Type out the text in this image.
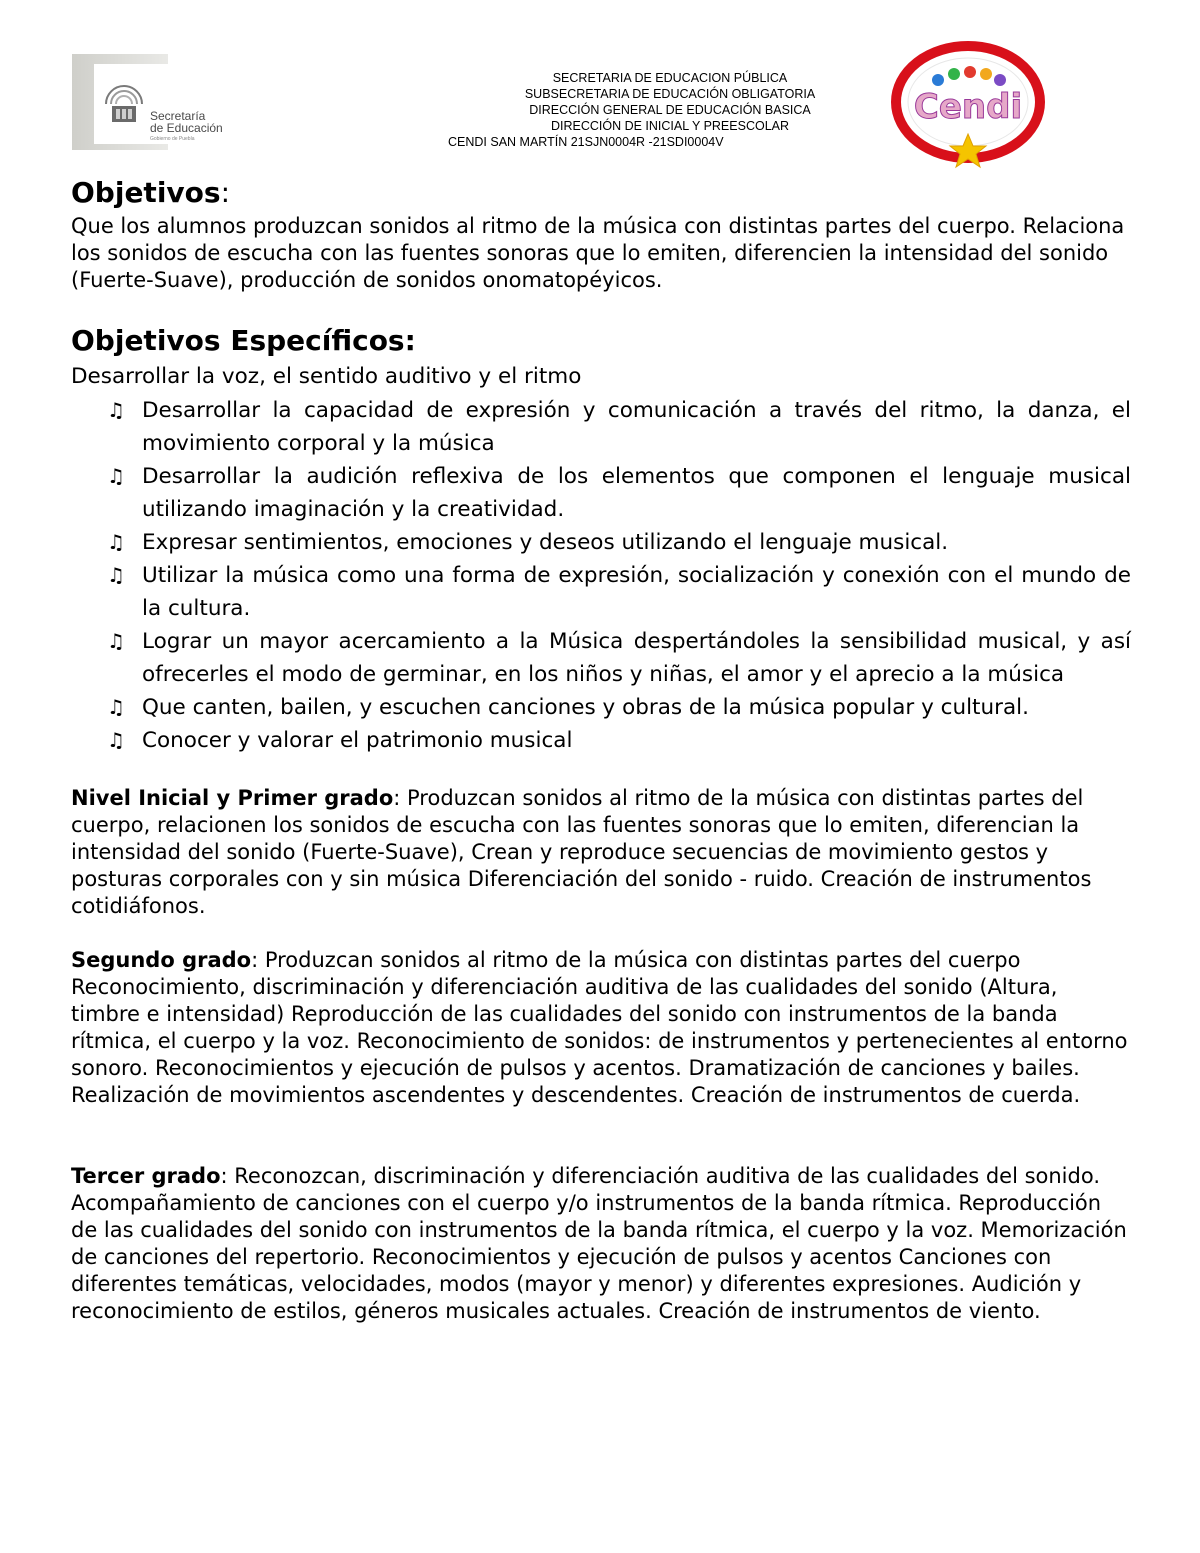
Secretaría
de Educación
Gobierno de Puebla
SECRETARIA DE EDUCACION PÚBLICA
SUBSECRETARIA DE EDUCACIÓN OBLIGATORIA
DIRECCIÓN GENERAL DE EDUCACIÓN BASICA
DIRECCIÓN DE INICIAL Y PREESCOLAR
CENDI SAN MARTÍN 21SJN0004R -21SDI0004V
Cendi
Objetivos:

Que los alumnos produzcan sonidos al ritmo de la música con distintas partes del cuerpo. Relaciona los sonidos de escucha con las fuentes sonoras que lo emiten, diferencien la intensidad del sonido (Fuerte-Suave), producción de sonidos onomatopéyicos.

Objetivos Específicos:

Desarrollar la voz, el sentido auditivo y el ritmo

♫ Desarrollar la capacidad de expresión y comunicación a través del ritmo, la danza, el movimiento corporal y la música
♫ Desarrollar la audición reflexiva de los elementos que componen el lenguaje musical utilizando imaginación y la creatividad.
♫ Expresar sentimientos, emociones y deseos utilizando el lenguaje musical.
♫ Utilizar la música como una forma de expresión, socialización y conexión con el mundo de la cultura.
♫ Lograr un mayor acercamiento a la Música despertándoles la sensibilidad musical, y así ofrecerles el modo de germinar, en los niños y niñas, el amor y el aprecio a la música
♫ Que canten, bailen, y escuchen canciones y obras de la música popular y cultural.
♫ Conocer y valorar el patrimonio musical

Nivel Inicial y Primer grado: Produzcan sonidos al ritmo de la música con distintas partes del cuerpo, relacionen los sonidos de escucha con las fuentes sonoras que lo emiten, diferencian la intensidad del sonido (Fuerte-Suave), Crean y reproduce secuencias de movimiento gestos y posturas corporales con y sin música Diferenciación del sonido - ruido. Creación de instrumentos cotidiáfonos.

Segundo grado: Produzcan sonidos al ritmo de la música con distintas partes del cuerpo Reconocimiento, discriminación y diferenciación auditiva de las cualidades del sonido (Altura, timbre e intensidad) Reproducción de las cualidades del sonido con instrumentos de la banda rítmica, el cuerpo y la voz. Reconocimiento de sonidos: de instrumentos y pertenecientes al entorno sonoro. Reconocimientos y ejecución de pulsos y acentos. Dramatización de canciones y bailes. Realización de movimientos ascendentes y descendentes. Creación de instrumentos de cuerda.

Tercer grado: Reconozcan, discriminación y diferenciación auditiva de las cualidades del sonido. Acompañamiento de canciones con el cuerpo y/o instrumentos de la banda rítmica. Reproducción de las cualidades del sonido con instrumentos de la banda rítmica, el cuerpo y la voz. Memorización de canciones del repertorio. Reconocimientos y ejecución de pulsos y acentos Canciones con diferentes temáticas, velocidades, modos (mayor y menor) y diferentes expresiones. Audición y reconocimiento de estilos, géneros musicales actuales. Creación de instrumentos de viento.
